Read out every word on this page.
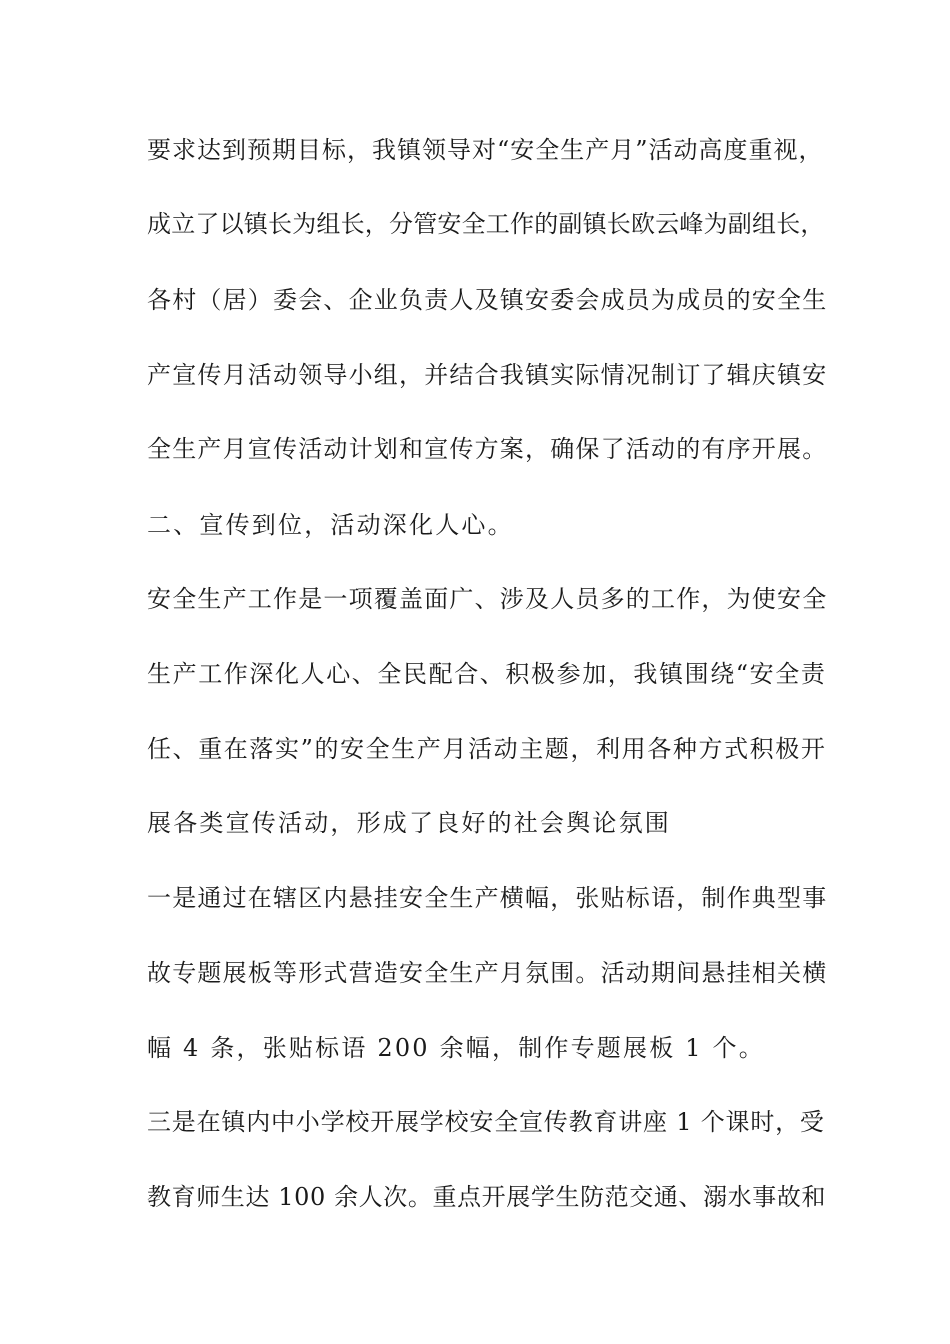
要求达到预期目标，我镇领导对“安全生产月”活动高度重视，
成立了以镇长为组长，分管安全工作的副镇长欧云峰为副组长，
各村（居）委会、企业负责人及镇安委会成员为成员的安全生
产宣传月活动领导小组，并结合我镇实际情况制订了辑庆镇安
全生产月宣传活动计划和宣传方案，确保了活动的有序开展。
二、宣传到位，活动深化人心。
安全生产工作是一项覆盖面广、涉及人员多的工作，为使安全
生产工作深化人心、全民配合、积极参加，我镇围绕“安全责
任、重在落实”的安全生产月活动主题，利用各种方式积极开
展各类宣传活动，形成了良好的社会舆论氛围
一是通过在辖区内悬挂安全生产横幅，张贴标语，制作典型事
故专题展板等形式营造安全生产月氛围。活动期间悬挂相关横
幅 4 条，张贴标语 200 余幅，制作专题展板 1 个。
三是在镇内中小学校开展学校安全宣传教育讲座 1 个课时，受
教育师生达 100 余人次。重点开展学生防范交通、溺水事故和
